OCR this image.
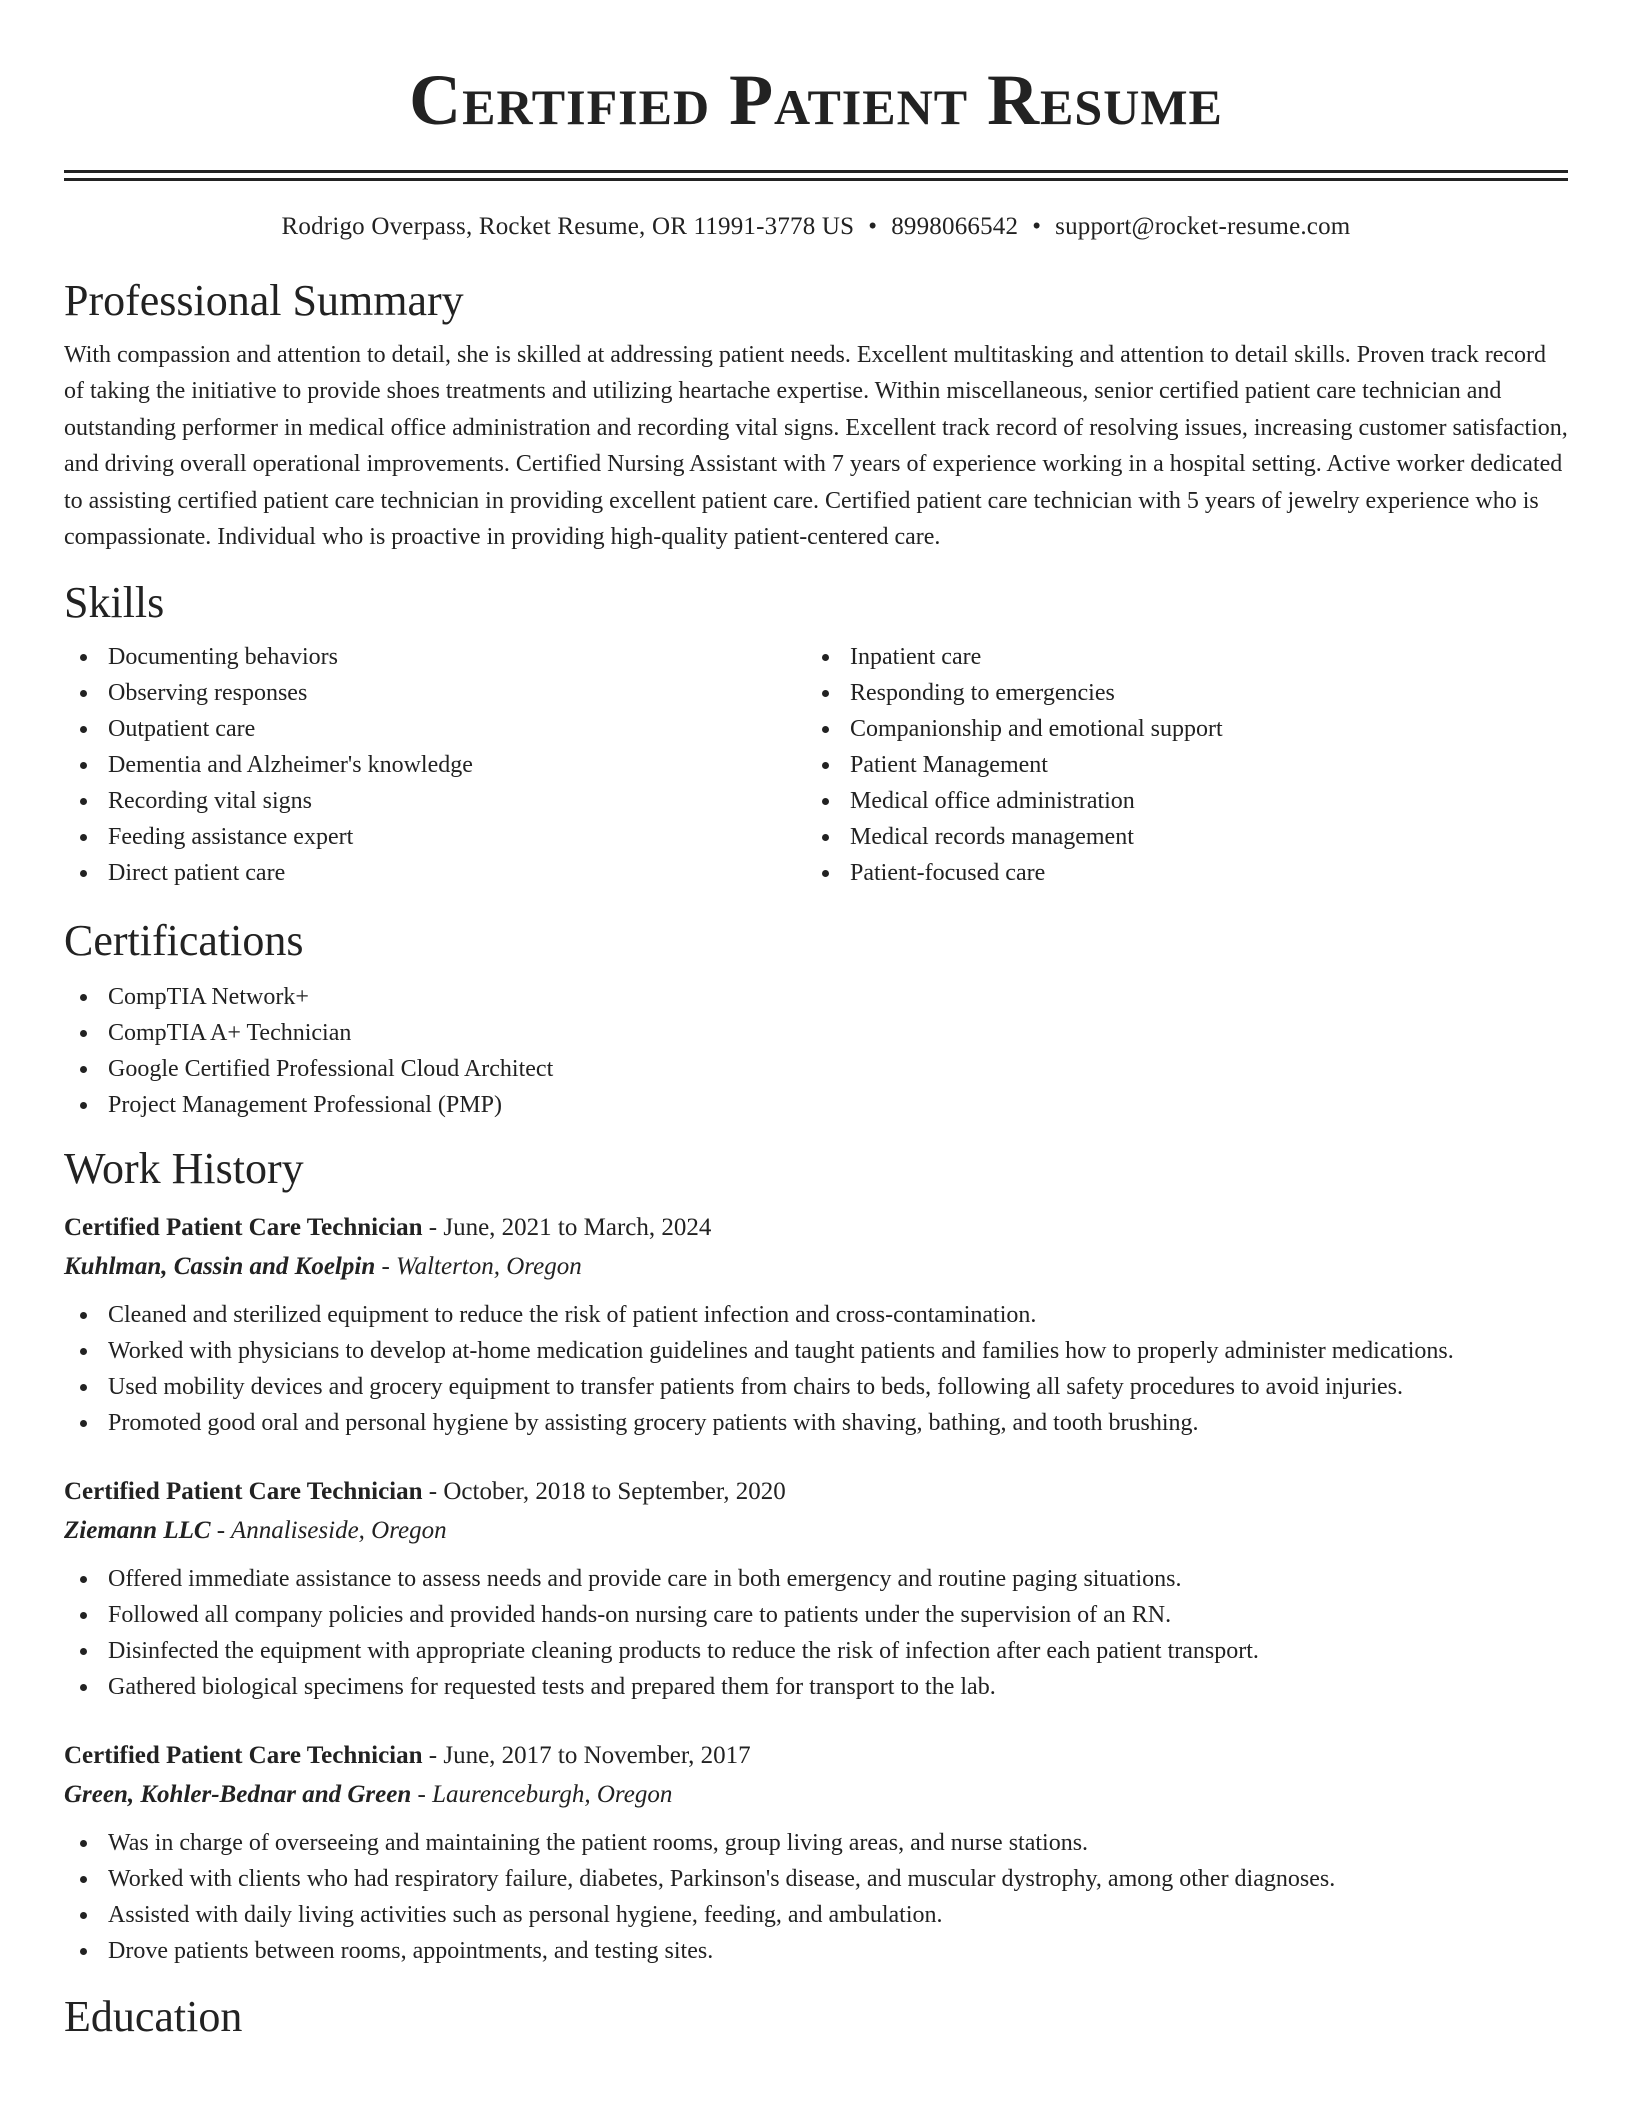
Certified Patient Resume
Rodrigo Overpass, Rocket Resume, OR 11991-3778 US • 8998066542 • support@rocket-resume.com
Professional Summary

With compassion and attention to detail, she is skilled at addressing patient needs. Excellent multitasking and attention to detail skills. Proven track record of taking the initiative to provide shoes treatments and utilizing heartache expertise. Within miscellaneous, senior certified patient care technician and outstanding performer in medical office administration and recording vital signs. Excellent track record of resolving issues, increasing customer satisfaction, and driving overall operational improvements. Certified Nursing Assistant with 7 years of experience working in a hospital setting. Active worker dedicated to assisting certified patient care technician in providing excellent patient care. Certified patient care technician with 5 years of jewelry experience who is compassionate. Individual who is proactive in providing high-quality patient-centered care.

Skills
Documenting behaviors
Observing responses
Outpatient care
Dementia and Alzheimer's knowledge
Recording vital signs
Feeding assistance expert
Direct patient care
Inpatient care
Responding to emergencies
Companionship and emotional support
Patient Management
Medical office administration
Medical records management
Patient-focused care
Certifications
CompTIA Network+
CompTIA A+ Technician
Google Certified Professional Cloud Architect
Project Management Professional (PMP)
Work History
Certified Patient Care Technician - June, 2021 to March, 2024
Kuhlman, Cassin and Koelpin - Walterton, Oregon
Cleaned and sterilized equipment to reduce the risk of patient infection and cross-contamination.
Worked with physicians to develop at-home medication guidelines and taught patients and families how to properly administer medications.
Used mobility devices and grocery equipment to transfer patients from chairs to beds, following all safety procedures to avoid injuries.
Promoted good oral and personal hygiene by assisting grocery patients with shaving, bathing, and tooth brushing.
Certified Patient Care Technician - October, 2018 to September, 2020
Ziemann LLC - Annaliseside, Oregon
Offered immediate assistance to assess needs and provide care in both emergency and routine paging situations.
Followed all company policies and provided hands-on nursing care to patients under the supervision of an RN.
Disinfected the equipment with appropriate cleaning products to reduce the risk of infection after each patient transport.
Gathered biological specimens for requested tests and prepared them for transport to the lab.
Certified Patient Care Technician - June, 2017 to November, 2017
Green, Kohler-Bednar and Green - Laurenceburgh, Oregon
Was in charge of overseeing and maintaining the patient rooms, group living areas, and nurse stations.
Worked with clients who had respiratory failure, diabetes, Parkinson's disease, and muscular dystrophy, among other diagnoses.
Assisted with daily living activities such as personal hygiene, feeding, and ambulation.
Drove patients between rooms, appointments, and testing sites.
Education
